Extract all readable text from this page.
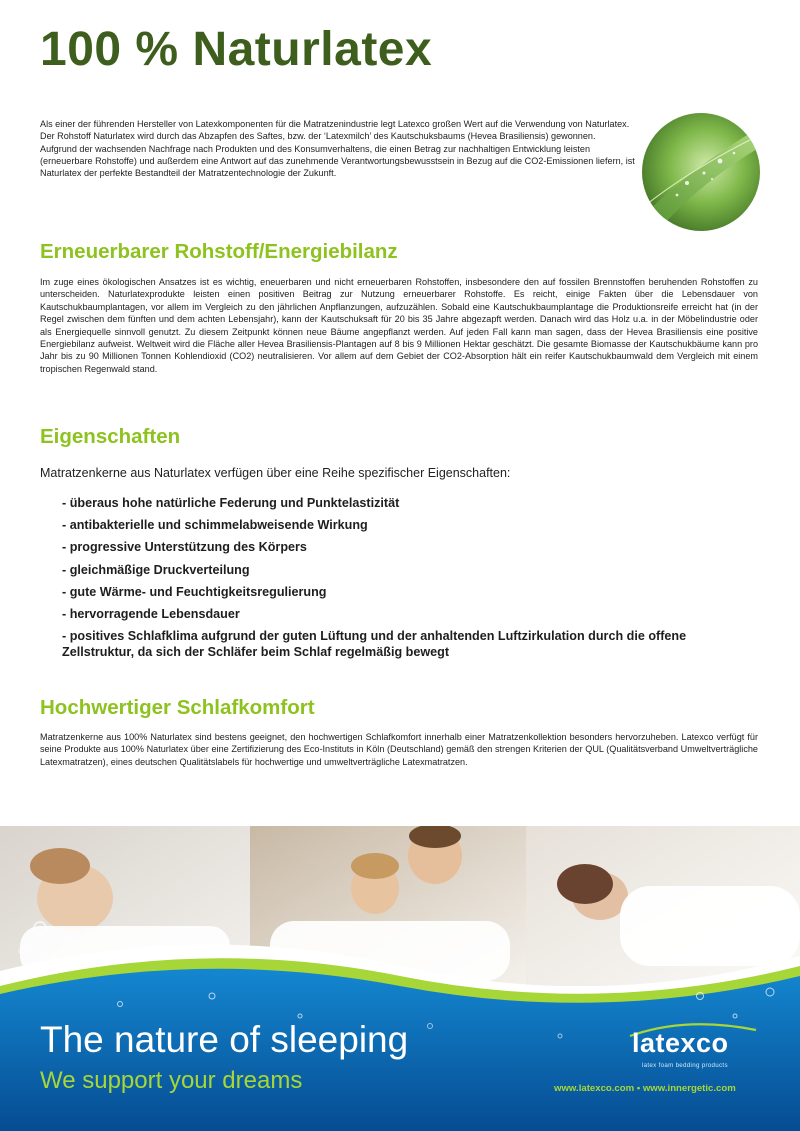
100 % Naturlatex

Als einer der führenden Hersteller von Latexkomponenten für die Matratzenindustrie legt Latexco großen Wert auf die Verwendung von Naturlatex. Der Rohstoff Naturlatex wird durch das Abzapfen des Saftes, bzw. der ‘Latexmilch’ des Kautschuksbaums (Hevea Brasiliensis) gewonnen.

Aufgrund der wachsenden Nachfrage nach Produkten und des Konsumverhaltens, die einen Betrag zur nachhaltigen Entwicklung leisten (erneuerbare Rohstoffe) und außerdem eine Antwort auf das zunehmende Verantwortungsbewusstsein in Bezug auf die CO2-Emissionen liefern, ist Naturlatex der perfekte Bestandteil der Matratzentechnologie der Zukunft.

Erneuerbarer Rohstoff/Energiebilanz
Im zuge eines ökologischen Ansatzes ist es wichtig, eneuerbaren und nicht erneuerbaren Rohstoffen, insbesondere den auf fossilen Brennstoffen beruhenden Rohstoffen zu unterscheiden. Naturlatexprodukte leisten einen positiven Beitrag zur Nutzung erneuerbarer Rohstoffe. Es reicht, einige Fakten über die Lebensdauer von Kautschukbaumplantagen, vor allem im Vergleich zu den jährlichen Anpflanzungen, aufzuzählen. Sobald eine Kautschukbaumplantage die Produktionsreife erreicht hat (in der Regel zwischen dem fünften und dem achten Lebensjahr), kann der Kautschuksaft für 20 bis 35 Jahre abgezapft werden. Danach wird das Holz u.a. in der Möbelindustrie oder als Energiequelle sinnvoll genutzt. Zu diesem Zeitpunkt können neue Bäume angepflanzt werden. Auf jeden Fall kann man sagen, dass der Hevea Brasiliensis eine positive Energiebilanz aufweist. Weltweit wird die Fläche aller Hevea Brasiliensis-Plantagen auf 8 bis 9 Millionen Hektar geschätzt. Die gesamte Biomasse der Kautschukbäume kann pro Jahr bis zu 90 Millionen Tonnen Kohlendioxid (CO2) neutralisieren. Vor allem auf dem Gebiet der CO2-Absorption hält ein reifer Kautschukbaumwald dem Vergleich mit einem tropischen Regenwald stand.
Eigenschaften
Matratzenkerne aus Naturlatex verfügen über eine Reihe spezifischer Eigenschaften:
- überaus hohe natürliche Federung und Punktelastizität
- antibakterielle und schimmelabweisende Wirkung
- progressive Unterstützung des Körpers
- gleichmäßige Druckverteilung
- gute Wärme- und Feuchtigkeitsregulierung
- hervorragende Lebensdauer
- positives Schlafklima aufgrund der guten Lüftung und der anhaltenden Luftzirkulation durch die offene Zellstruktur, da sich der Schläfer beim Schlaf regelmäßig bewegt
Hochwertiger Schlafkomfort
Matratzenkerne aus 100% Naturlatex sind bestens geeignet, den hochwertigen Schlafkomfort innerhalb einer Matratzenkollektion besonders hervorzuheben. Latexco verfügt für seine Produkte aus 100% Naturlatex über eine Zertifizierung des Eco-Instituts in Köln (Deutschland) gemäß den strengen Kriterien der QUL (Qualitätsverband Umweltverträgliche Latexmatratzen), eines deutschen Qualitätslabels für hochwertige und umweltverträgliche Latexmatratzen.
The nature of sleeping
We support your dreams
latexco
latex foam bedding products
www.latexco.com • www.innergetic.com
